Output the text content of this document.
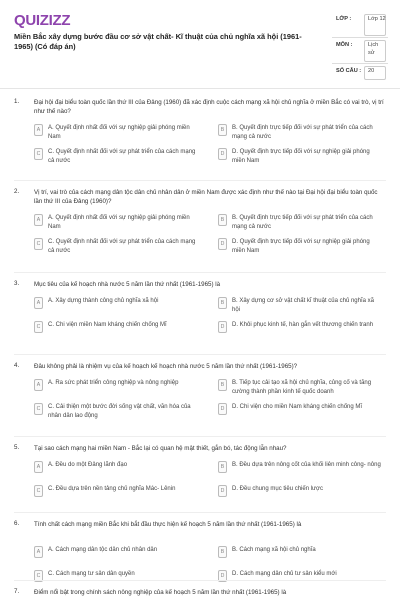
QUIZIZZ
Miền Bắc xây dựng bước đầu cơ sở vật chất- Kĩ thuật của chủ nghĩa xã hội (1961-1965) (Có đáp án)
LỚP :	Lớp 12
MÔN :	Lịch sử
SỐ CÂU : 20
1. Đại hội đại biểu toàn quốc lần thứ III của Đảng (1960) đã xác định cuộc cách mạng xã hội chủ nghĩa ở miền Bắc có vai trò, vị trí như thế nào?
A	A. Quyết định nhất đối với sự nghiệp giải phóng miền Nam
B	B. Quyết định trực tiếp đối với sự phát triển của cách mạng cả nước
C	C. Quyết định nhất đối với sự phát triển của cách mạng cả nước
D	D. Quyết định trực tiếp đối với sự nghiệp giải phóng miền Nam
2. Vị trí, vai trò của cách mạng dân tộc dân chủ nhân dân ở miền Nam được xác định như thế nào tại Đại hội đại biểu toàn quốc lần thứ III của Đảng (1960)?
A	A. Quyết định nhất đối với sự nghiệp giải phóng miền Nam
B	B. Quyết định trực tiếp đối với sự phát triển của cách mạng cả nước
C	C. Quyết định nhất đối với sự phát triển của cách mạng cả nước
D	D. Quyết định trực tiếp đối với sự nghiệp giải phóng miền Nam
3. Mục tiêu của kế hoạch nhà nước 5 năm lần thứ nhất (1961-1965) là
A	A. Xây dựng thành công chủ nghĩa xã hội	B	B. Xây dựng cơ sở vật chất kĩ thuật của chủ nghĩa xã hội
C	C. Chi viện miền Nam kháng chiến chống Mĩ	D	D. Khôi phục kinh tế, hàn gắn vết thương chiến tranh
4. Đâu không phải là nhiệm vụ của kế hoạch kế hoạch nhà nước 5 năm lần thứ nhất (1961-1965)?
A	A. Ra sức phát triển công nghiệp và nông nghiệp	B	B. Tiếp tục cải tạo xã hội chủ nghĩa, củng cố và tăng cường thành phần kinh tế quốc doanh
C	C. Cải thiện một bước đời sống vật chất, văn hóa của nhân dân lao động
D	D. Chi viện cho miền Nam kháng chiến chống Mĩ
5. Tại sao cách mạng hai miền Nam - Bắc lại có quan hệ mật thiết, gắn bó, tác động lẫn nhau?
A	A. Đều do một Đảng lãnh đạo	B	B. Đều dựa trên nông cốt của khối liên minh công- nông
C	C. Đều dựa trên nền tảng chủ nghĩa Mác- Lênin	D	D. Đều chung mục tiêu chiến lược
6. Tính chất cách mạng miền Bắc khi bắt đầu thực hiện kế hoạch 5 năm lần thứ nhất (1961-1965) là
A	A. Cách mạng dân tộc dân chủ nhân dân	B	B. Cách mạng xã hội chủ nghĩa
C	C. Cách mạng tư sản dân quyền	D	D. Cách mạng dân chủ tư sản kiểu mới
7. Điểm nổi bật trong chính sách nông nghiệp của kế hoạch 5 năm lần thứ nhất (1961-1965) là
